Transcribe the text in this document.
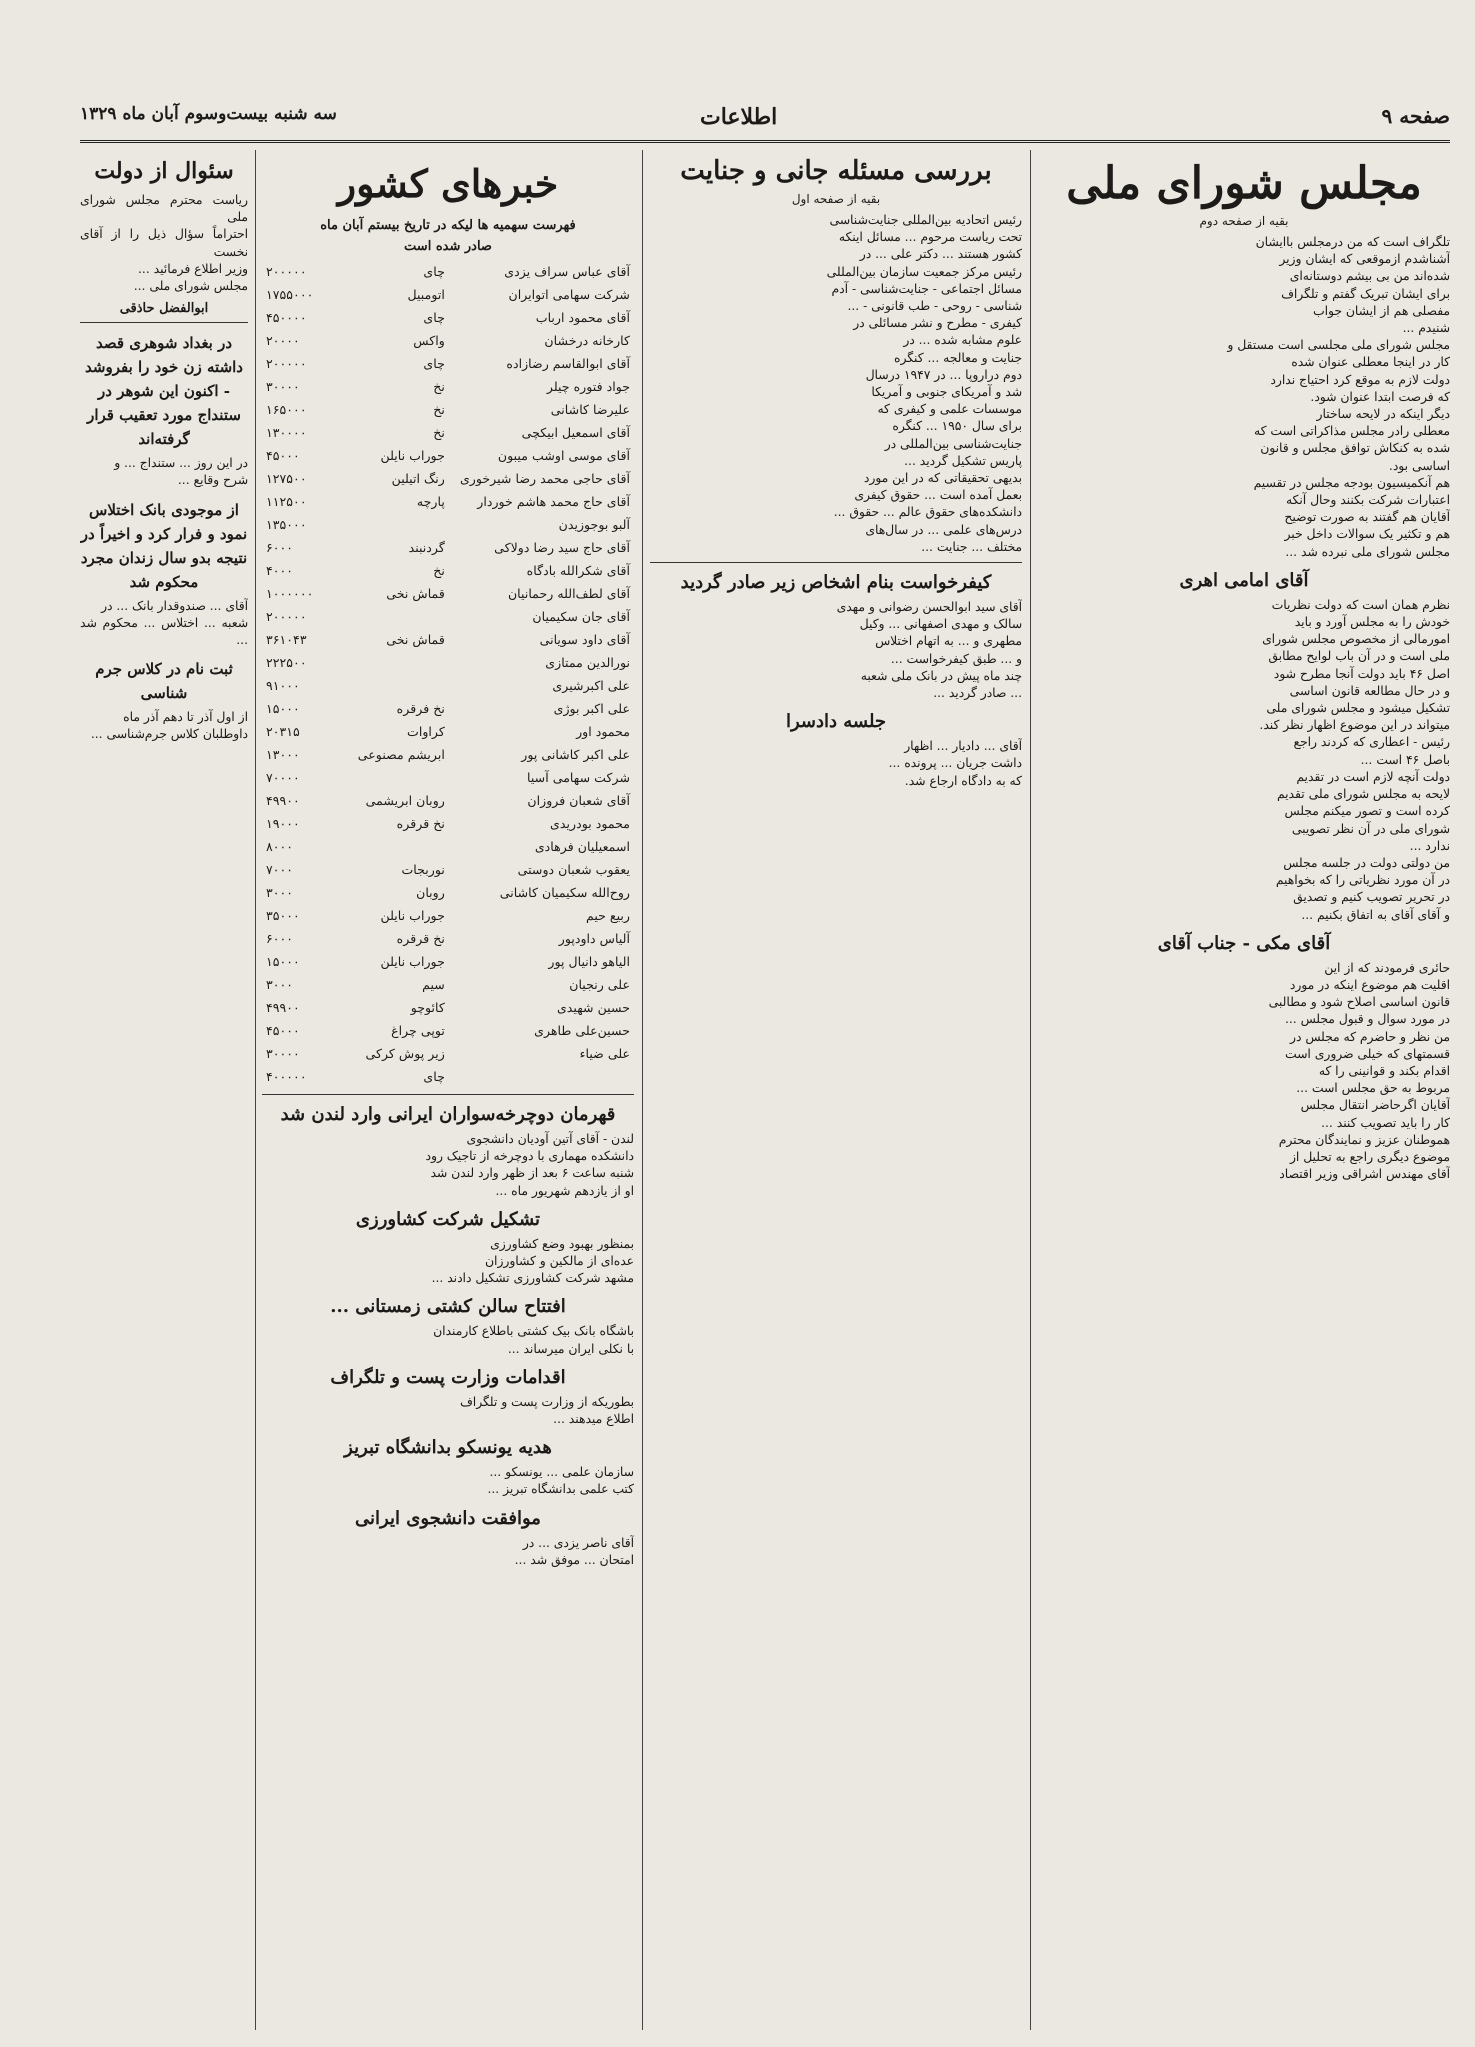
صفحه ۹
اطلاعات
سه شنبه بیست‌وسوم آبان ماه ۱۳۲۹
مجلس شورای ملی
بقیه از صفحه دوم
تلگراف است که من درمجلس باایشان
آشناشدم ازموقعی که ایشان وزیر
شده‌اند من بی بیشم دوستانه‌ای
برای ایشان تبریک گفتم و تلگراف
مفصلی هم از ایشان جواب
شنیدم ...
مجلس شورای ملی مجلسی است مستقل و
کار در اینجا معطلی عنوان شده
دولت لازم به موقع کرد احتیاج ندارد
که فرصت ابتدا عنوان شود.
دیگر اینکه در لایحه ساختار
معطلی رادر مجلس مذاکراتی است که
شده به کنکاش توافق مجلس و قانون
اساسی بود.
هم آنکمیسیون بودجه مجلس در تقسیم
اعتبارات شرکت بکنند وحال آنکه
آقایان هم گفتند به صورت توضیح
هم و تکثیر یک سوالات داخل خبر
مجلس شورای ملی نبرده شد ...
آقای امامی اهری
نظرم همان است که دولت نظریات
خودش را به مجلس آورد و باید
امورمالی از مخصوص مجلس شورای
ملی است و در آن باب لوایح مطابق
اصل ۴۶ باید دولت آنجا مطرح شود
و در حال مطالعه قانون اساسی
تشکیل میشود و مجلس شورای ملی
میتواند در این موضوع اظهار نظر کند.
رئیس - اعطاری که کردند راجع
باصل ۴۶ است ...
دولت آنچه لازم است در تقدیم
لایحه به مجلس شورای ملی تقدیم
کرده است و تصور میکنم مجلس
شورای ملی در آن نظر تصویبی
ندارد ...
من دولتی دولت در جلسه مجلس
در آن مورد نظریاتی را که بخواهیم
در تحریر تصویب کنیم و تصدیق
و آقای آقای به اتفاق بکنیم ...
آقای مکی - جناب آقای
حائری فرمودند که از این
اقلیت هم موضوع اینکه در مورد
قانون اساسی اصلاح شود و مطالبی
در مورد سوال و قبول مجلس ...
من نظر و حاضرم که مجلس در
قسمتهای که خیلی ضروری است
اقدام بکند و قوانینی را که
مربوط به حق مجلس است ...
آقایان اگرحاضر انتقال مجلس
کار را باید تصویب کنند ...
هموطنان عزیز و نمایندگان محترم
موضوع دیگری راجع به تحلیل از
آقای مهندس اشراقی وزیر اقتصاد
بررسی مسئله جانی و جنایت
بقیه از صفحه اول
رئیس اتحادیه بین‌المللی جنایت‌شناسی
تحت ریاست مرحوم ... مسائل اینکه
کشور هستند ... دکتر علی ... در
رئیس مرکز جمعیت سازمان بین‌المللی
مسائل اجتماعی - جنایت‌شناسی - آدم
شناسی - روحی - طب قانونی - ...
کیفری - مطرح و نشر مسائلی در
علوم مشابه شده ... در
جنایت و معالجه ... کنگره
دوم دراروپا ... در ۱۹۴۷ درسال
شد و آمریکای جنوبی و آمریکا
موسسات علمی و کیفری که
برای سال ۱۹۵۰ ... کنگره
جنایت‌شناسی بین‌المللی در
پاریس تشکیل گردید ...
بدیهی تحقیقاتی که در این مورد
بعمل آمده است ... حقوق کیفری
دانشکده‌های حقوق عالم ... حقوق ...
درس‌های علمی ... در سال‌های
مختلف ... جنایت ...
کیفرخواست بنام اشخاص زیر صادر گردید
آقای سید ابوالحسن رضوانی و مهدی
سالک و مهدی اصفهانی ... وکیل
مطهری و ... به اتهام اختلاس
و ... طبق کیفرخواست ...
چند ماه پیش در بانک ملی شعبه
... صادر گردید ...
جلسه دادسرا
آقای ... دادیار ... اظهار
داشت جریان ... پرونده ...
که به دادگاه ارجاع شد.
خبرهای کشور
فهرست سهمیه ها لیکه در تاریخ بیستم آبان ماه
صادر شده است
آقای عباس سراف یزدی	چای	۲۰۰۰۰۰
شرکت سهامی اتوایران	اتومبیل	۱۷۵۵۰۰۰
آقای محمود ارباب	چای	۴۵۰۰۰۰
کارخانه درخشان	واکس	۲۰۰۰۰
آقای ابوالقاسم رضازاده	چای	۲۰۰۰۰۰
جواد فتوره چیلر	نخ	۳۰۰۰۰
علیرضا کاشانی	نخ	۱۶۵۰۰۰
آقای اسمعیل ابیکچی	نخ	۱۳۰۰۰۰
آقای موسی اوشب میبون	جوراب نایلن	۴۵۰۰۰
آقای حاجی محمد رضا شیرخوری	رنگ اتیلین	۱۲۷۵۰۰
آقای حاج محمد هاشم خوردار	پارچه	۱۱۲۵۰۰
آلبو بوجوزیدن		۱۳۵۰۰۰
آقای حاج سید رضا دولاکی	گردنبند	۶۰۰۰
آقای شکرالله بادگاه	نخ	۴۰۰۰
آقای لطف‌الله رحمانیان	قماش نخی	۱۰۰۰۰۰۰
آقای جان سکیمیان		۲۰۰۰۰۰
آقای داود سویانی	قماش نخی	۳۶۱۰۴۳
نورالدین ممتازی		۲۲۲۵۰۰
علی اکبرشیری		۹۱۰۰۰
علی اکبر بوژی	نخ فرقره	۱۵۰۰۰
محمود اور	کراوات	۲۰۳۱۵
علی اکبر کاشانی پور	ابریشم مصنوعی	۱۳۰۰۰
شرکت سهامی آسیا		۷۰۰۰۰
آقای شعبان فروزان	روبان ابریشمی	۴۹۹۰۰
محمود بودریدی	نخ قرقره	۱۹۰۰۰
اسمعیلیان فرهادی		۸۰۰۰
یعقوب شعبان دوستی	نوربجات	۷۰۰۰
روح‌الله سکیمیان کاشانی	روبان	۳۰۰۰
ربیع حیم	جوراب نایلن	۳۵۰۰۰
آلیاس داودپور	نخ قرقره	۶۰۰۰
الیاهو دانیال پور	جوراب نایلن	۱۵۰۰۰
علی رنجیان	سیم	۳۰۰۰
حسین شهیدی	کائوچو	۴۹۹۰۰
حسین‌علی طاهری	توپی چراغ	۴۵۰۰۰
علی ضیاء	زیر پوش کرکی	۳۰۰۰۰
	چای	۴۰۰۰۰۰
قهرمان دوچرخه‌سواران ایرانی وارد لندن شد
لندن - آقای آتین آودیان دانشجوی
دانشکده مهماری با دوچرخه از تاجیک رود
شنبه ساعت ۶ بعد از ظهر وارد لندن شد
او از یازدهم شهریور ماه ...
تشکیل شرکت کشاورزی
بمنظور بهبود وضع کشاورزی
عده‌ای از مالکین و کشاورزان
مشهد شرکت کشاورزی تشکیل دادند ...
افتتاح سالن کشتی زمستانی ...
باشگاه بانک بیک کشتی باطلاع کارمندان
با نکلی ایران میرساند ...
اقدامات وزارت پست و تلگراف
بطوریکه از وزارت پست و تلگراف
اطلاع میدهند ...
هدیه یونسکو بدانشگاه تبریز
سازمان علمی ... یونسکو ...
کتب علمی بدانشگاه تبریز ...
موافقت دانشجوی ایرانی
آقای ناصر یزدی ... در
امتحان ... موفق شد ...
سئوال از دولت
ریاست محترم مجلس شورای ملی
احتراماً سؤال ذیل را از آقای نخست
وزیر اطلاع فرمائید ...
مجلس شورای ملی ...
ابوالفضل حاذقی
در بغداد شوهری قصد داشته زن خود را بفروشد - اکنون این شوهر در ستنداج مورد تعقیب قرار گرفته‌اند
در این روز ... ستنداج ... و
شرح وقایع ...
از موجودی بانک اختلاس نمود و فرار کرد و اخیراً در نتیجه بدو سال زندان مجرد محکوم شد
آقای ... صندوقدار بانک ... در
شعبه ... اختلاس ... محکوم شد ...
ثبت نام در کلاس جرم شناسی
از اول آذر تا دهم آذر ماه
داوطلبان کلاس جرم‌شناسی ...
